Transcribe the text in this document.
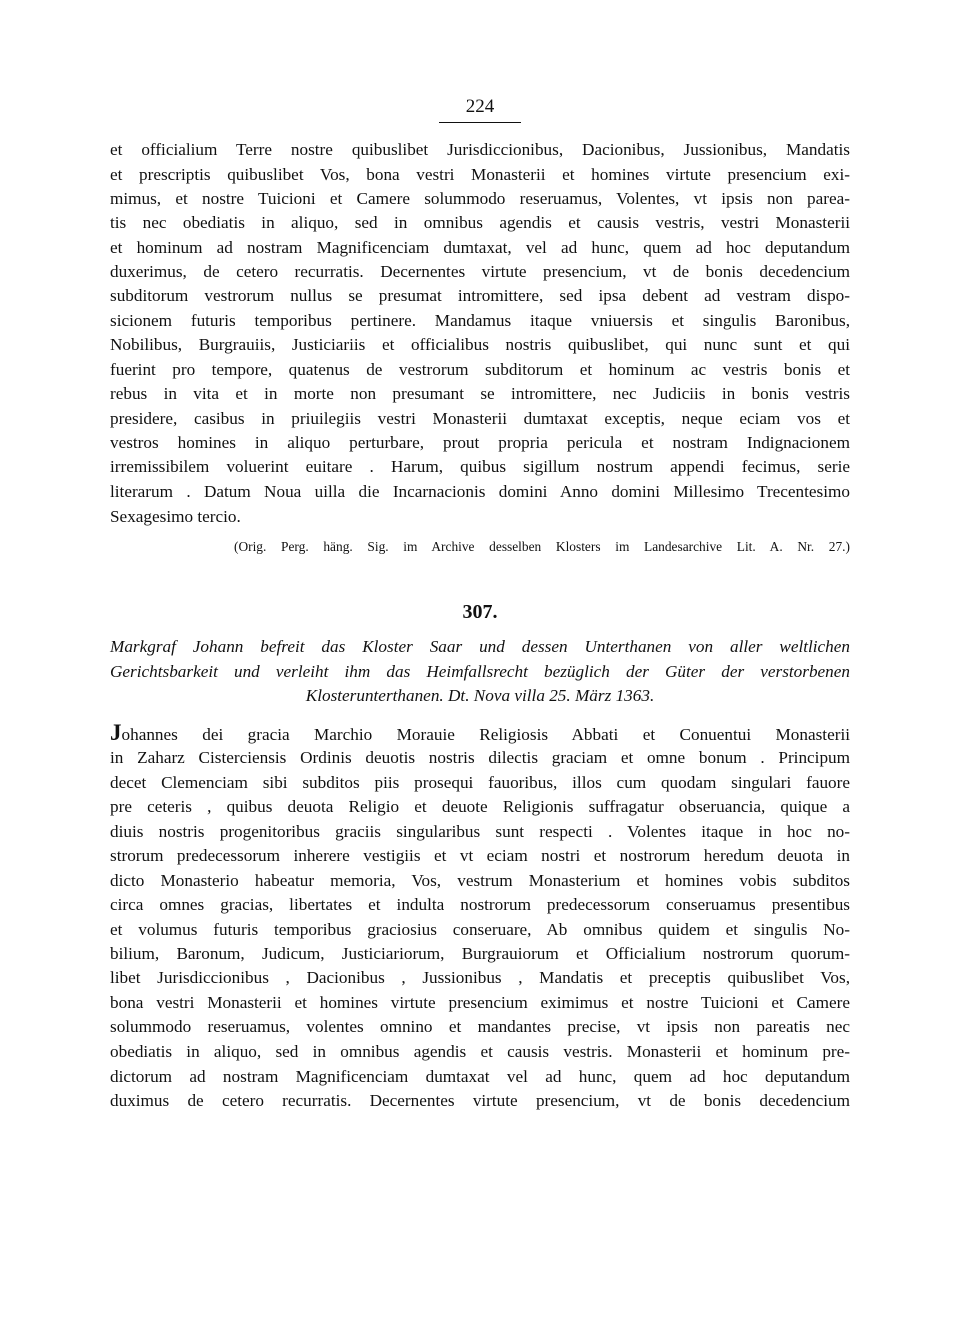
224
et officialium Terre nostre quibuslibet Jurisdiccionibus, Dacionibus, Jussionibus, Mandatis
et prescriptis quibuslibet Vos, bona vestri Monasterii et homines virtute presencium exi-
mimus, et nostre Tuicioni et Camere solummodo reseruamus, Volentes, vt ipsis non parea-
tis nec obediatis in aliquo, sed in omnibus agendis et causis vestris, vestri Monasterii
et hominum ad nostram Magnificenciam dumtaxat, vel ad hunc, quem ad hoc deputandum
duxerimus, de cetero recurratis. Decernentes virtute presencium, vt de bonis decedencium
subditorum vestrorum nullus se presumat intromittere, sed ipsa debent ad vestram dispo-
sicionem futuris temporibus pertinere. Mandamus itaque vniuersis et singulis Baronibus,
Nobilibus, Burgrauiis, Justiciariis et officialibus nostris quibuslibet, qui nunc sunt et qui
fuerint pro tempore, quatenus de vestrorum subditorum et hominum ac vestris bonis et
rebus in vita et in morte non presumant se intromittere, nec Judiciis in bonis vestris
presidere, casibus in priuilegiis vestri Monasterii dumtaxat exceptis, neque eciam vos et
vestros homines in aliquo perturbare, prout propria pericula et nostram Indignacionem
irremissibilem voluerint euitare . Harum, quibus sigillum nostrum appendi fecimus, serie
literarum . Datum Noua uilla die Incarnacionis domini Anno domini Millesimo Trecentesimo
Sexagesimo tercio.
(Orig. Perg. häng. Sig. im Archive desselben Klosters im Landesarchive Lit. A. Nr. 27.)
307.
Markgraf Johann befreit das Kloster Saar und dessen Unterthanen von aller weltlichen
Gerichtsbarkeit und verleiht ihm das Heimfallsrecht bezüglich der Güter der verstorbenen
Klosterunterthanen. Dt. Nova villa 25. März 1363.
Johannes dei gracia Marchio Morauie Religiosis Abbati et Conuentui Monasterii
in Zaharz Cisterciensis Ordinis deuotis nostris dilectis graciam et omne bonum . Principum
decet Clemenciam sibi subditos piis prosequi fauoribus, illos cum quodam singulari fauore
pre ceteris , quibus deuota Religio et deuote Religionis suffragatur obseruancia, quique a
diuis nostris progenitoribus graciis singularibus sunt respecti . Volentes itaque in hoc no-
strorum predecessorum inherere vestigiis et vt eciam nostri et nostrorum heredum deuota in
dicto Monasterio habeatur memoria, Vos, vestrum Monasterium et homines vobis subditos
circa omnes gracias, libertates et indulta nostrorum predecessorum conseruamus presentibus
et volumus futuris temporibus graciosius conseruare, Ab omnibus quidem et singulis No-
bilium, Baronum, Judicum, Justiciariorum, Burgrauiorum et Officialium nostrorum quorum-
libet Jurisdiccionibus , Dacionibus , Jussionibus , Mandatis et preceptis quibuslibet Vos,
bona vestri Monasterii et homines virtute presencium eximimus et nostre Tuicioni et Camere
solummodo reseruamus, volentes omnino et mandantes precise, vt ipsis non pareatis nec
obediatis in aliquo, sed in omnibus agendis et causis vestris. Monasterii et hominum pre-
dictorum ad nostram Magnificenciam dumtaxat vel ad hunc, quem ad hoc deputandum
duximus de cetero recurratis. Decernentes virtute presencium, vt de bonis decedencium
